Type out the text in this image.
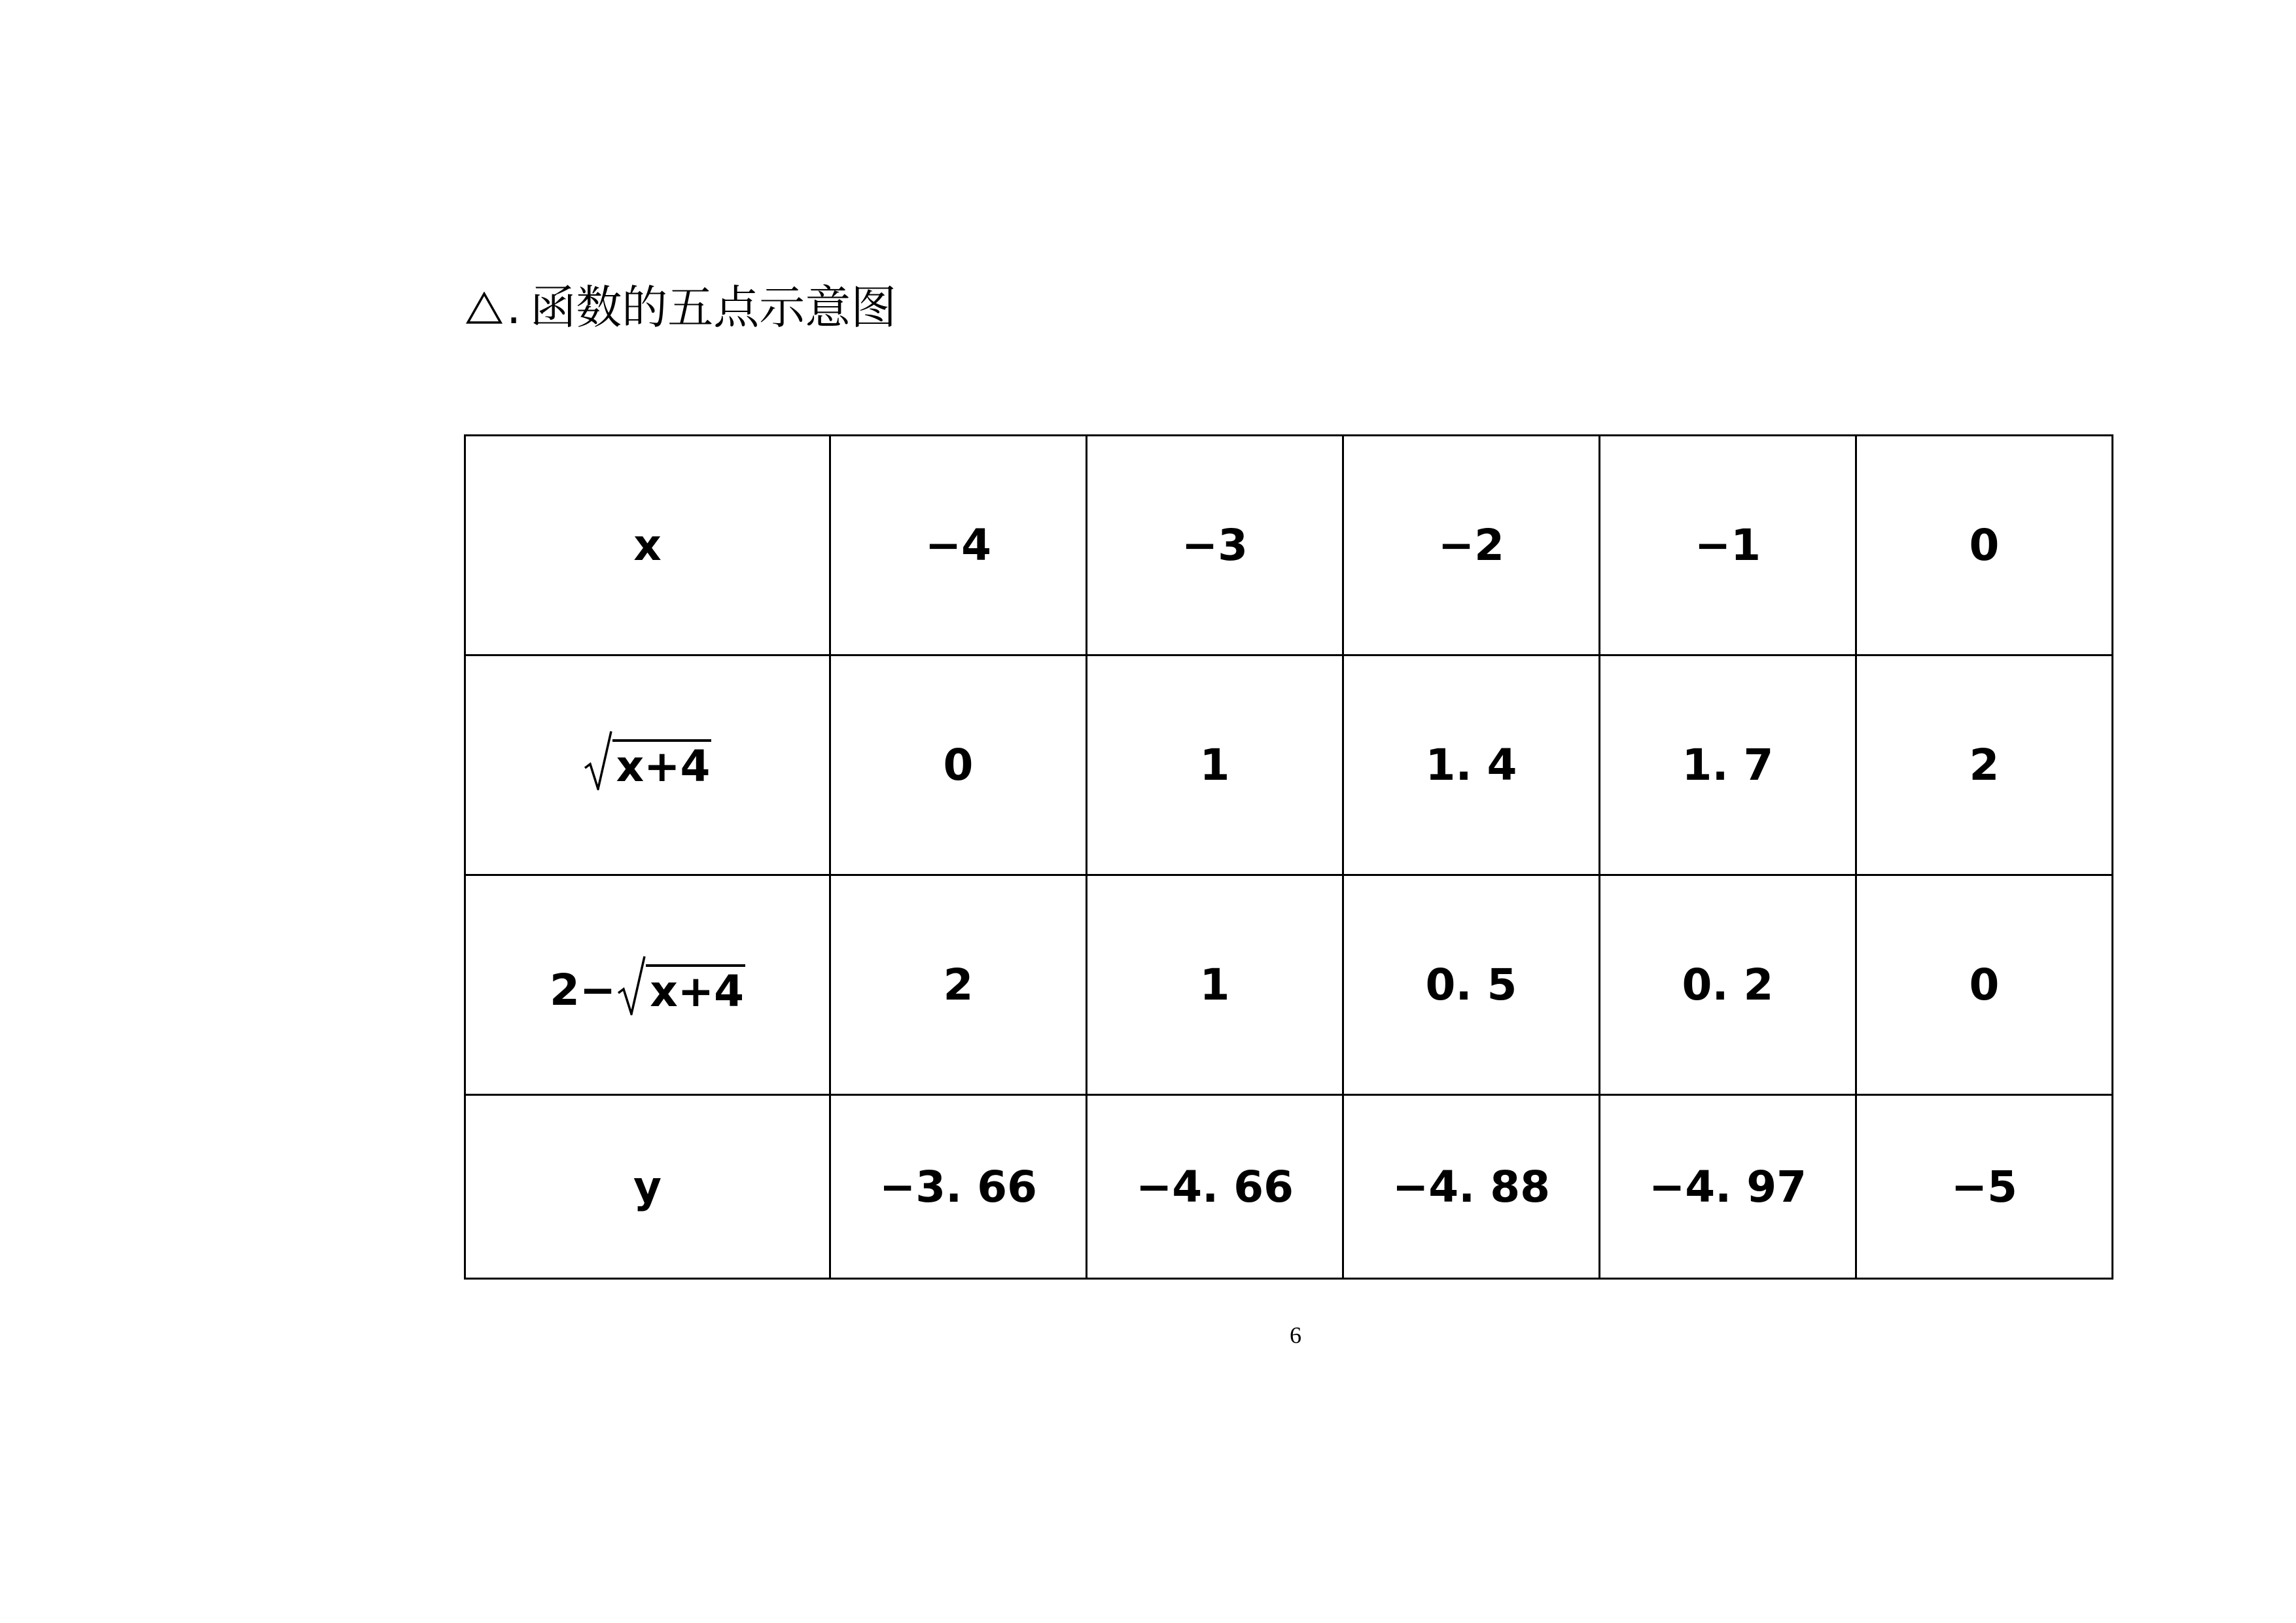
. 函数的五点示意图
x	−4	−3	−2	−1	0

x+4	0	1	1. 4	1. 7	2

2− x+4	2	1	0. 5	0. 2	0
y	−3. 66	−4. 66	−4. 88	−4. 97	−5
6
